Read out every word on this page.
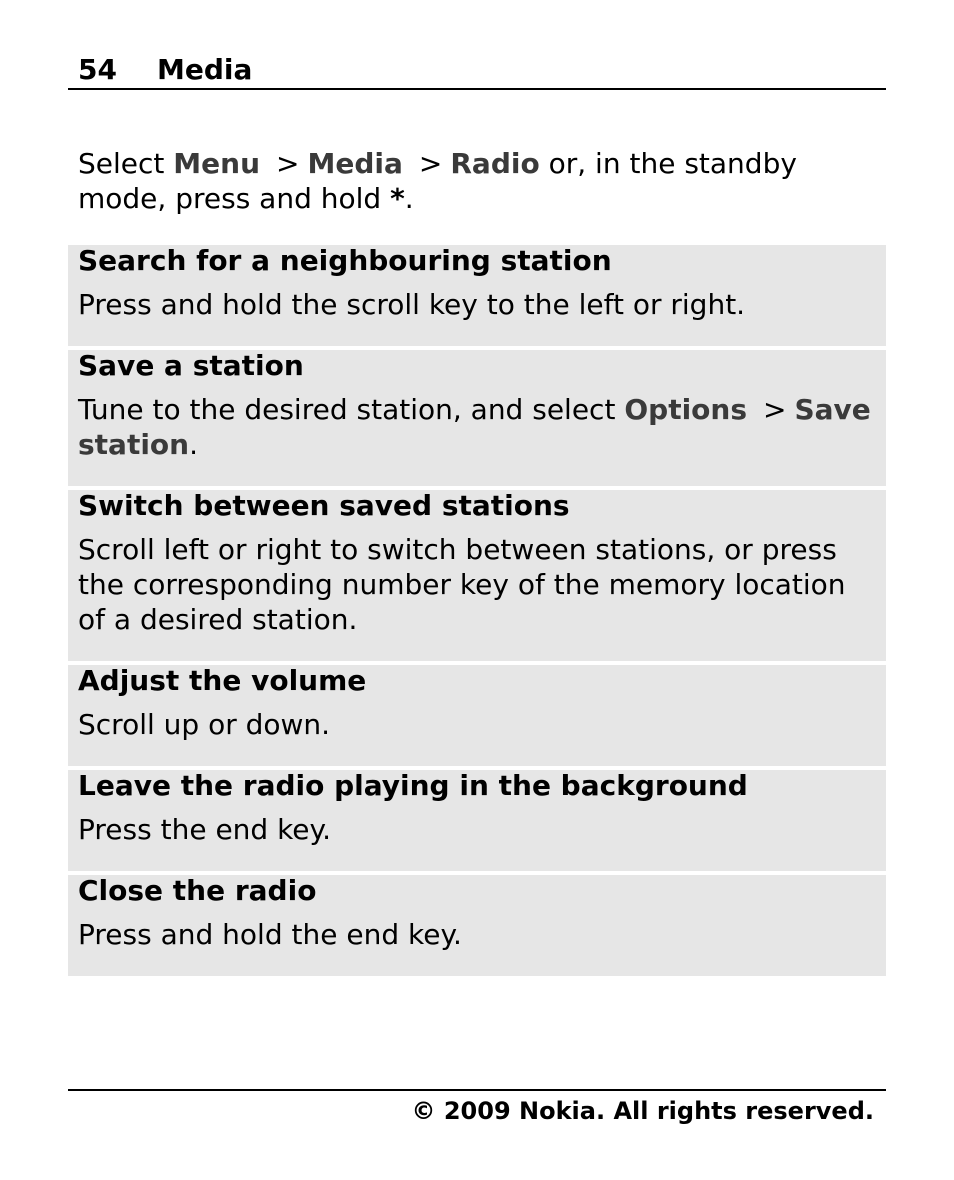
54 Media
Select Menu > Media > Radio or, in the standby mode, press and hold *.
Search for a neighbouring station
Press and hold the scroll key to the left or right.
Save a station
Tune to the desired station, and select Options > Save station.
Switch between saved stations
Scroll left or right to switch between stations, or press the corresponding number key of the memory location of a desired station.
Adjust the volume
Scroll up or down.
Leave the radio playing in the background
Press the end key.
Close the radio
Press and hold the end key.
© 2009 Nokia. All rights reserved.
